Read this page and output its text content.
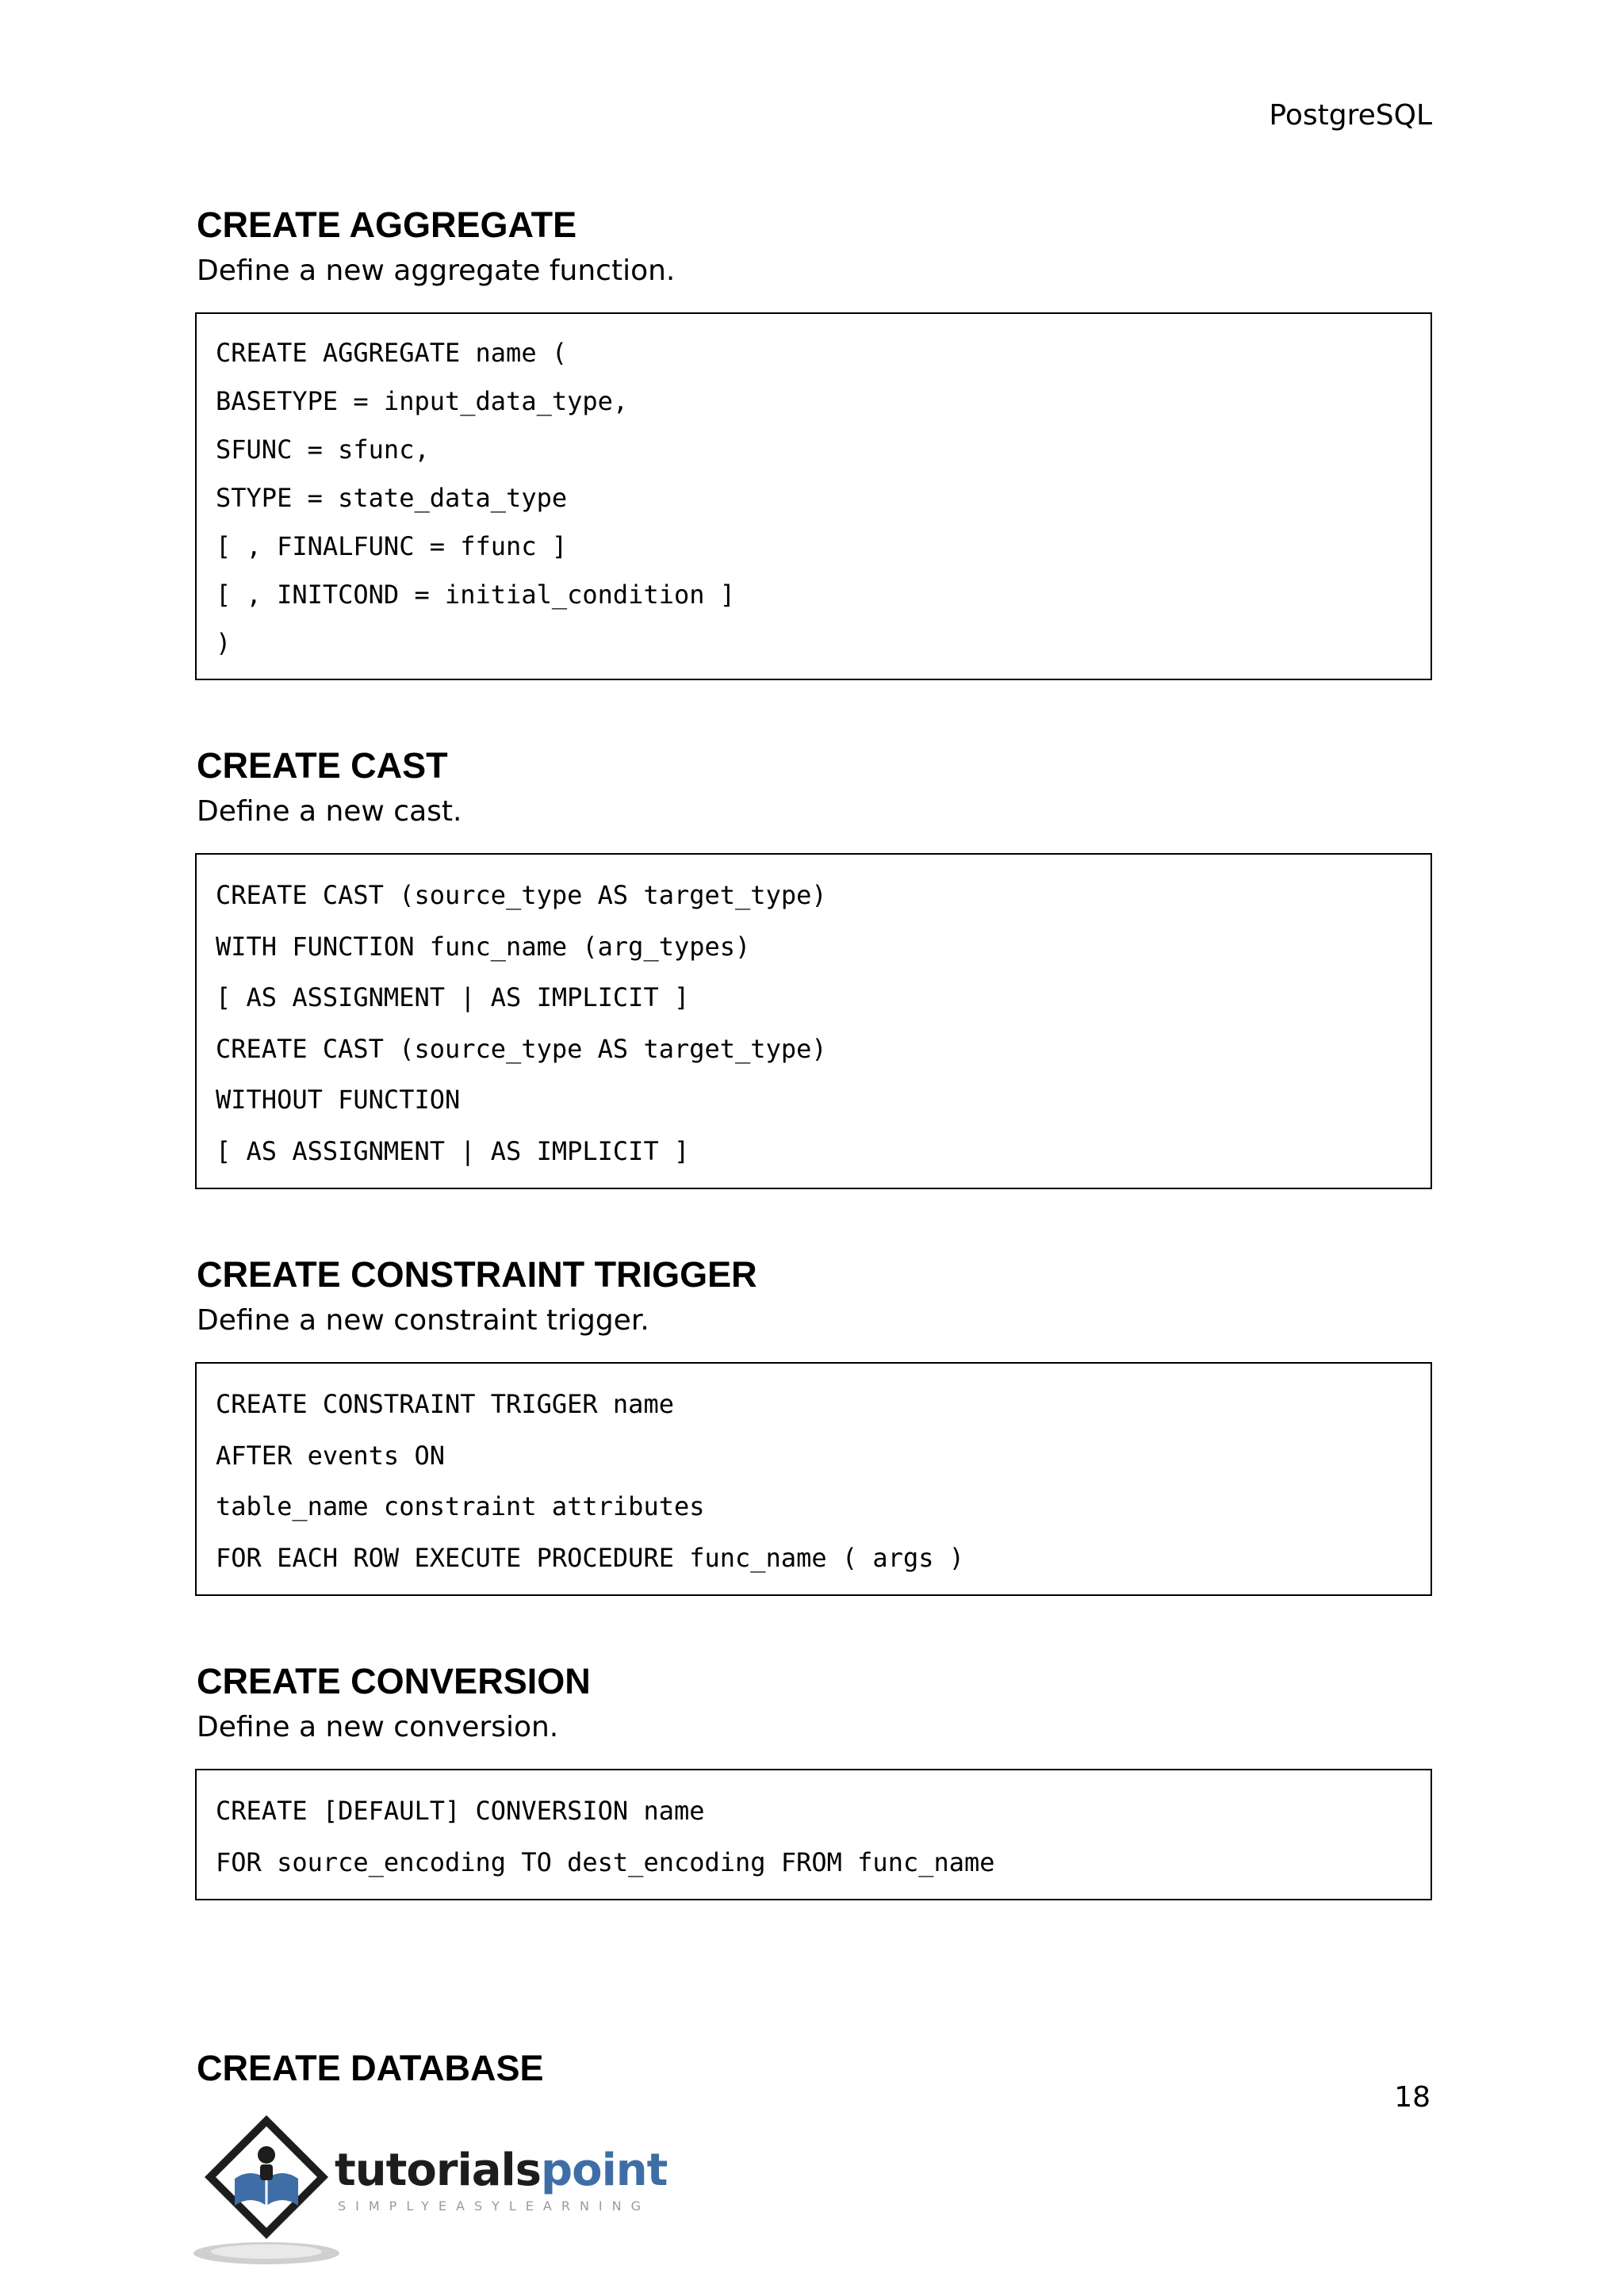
PostgreSQL
CREATE AGGREGATE

Define a new aggregate function.

CREATE AGGREGATE name (
BASETYPE = input_data_type,
SFUNC = sfunc,
STYPE = state_data_type
[ , FINALFUNC = ffunc ]
[ , INITCOND = initial_condition ]
)
CREATE CAST

Define a new cast.

CREATE CAST (source_type AS target_type)
WITH FUNCTION func_name (arg_types)
[ AS ASSIGNMENT | AS IMPLICIT ]
CREATE CAST (source_type AS target_type)
WITHOUT FUNCTION
[ AS ASSIGNMENT | AS IMPLICIT ]
CREATE CONSTRAINT TRIGGER

Define a new constraint trigger.

CREATE CONSTRAINT TRIGGER name
AFTER events ON
table_name constraint attributes
FOR EACH ROW EXECUTE PROCEDURE func_name ( args )
CREATE CONVERSION

Define a new conversion.

CREATE [DEFAULT] CONVERSION name
FOR source_encoding TO dest_encoding FROM func_name
CREATE DATABASE
18
tutorialspoint
SIMPLYEASYLEARNING
